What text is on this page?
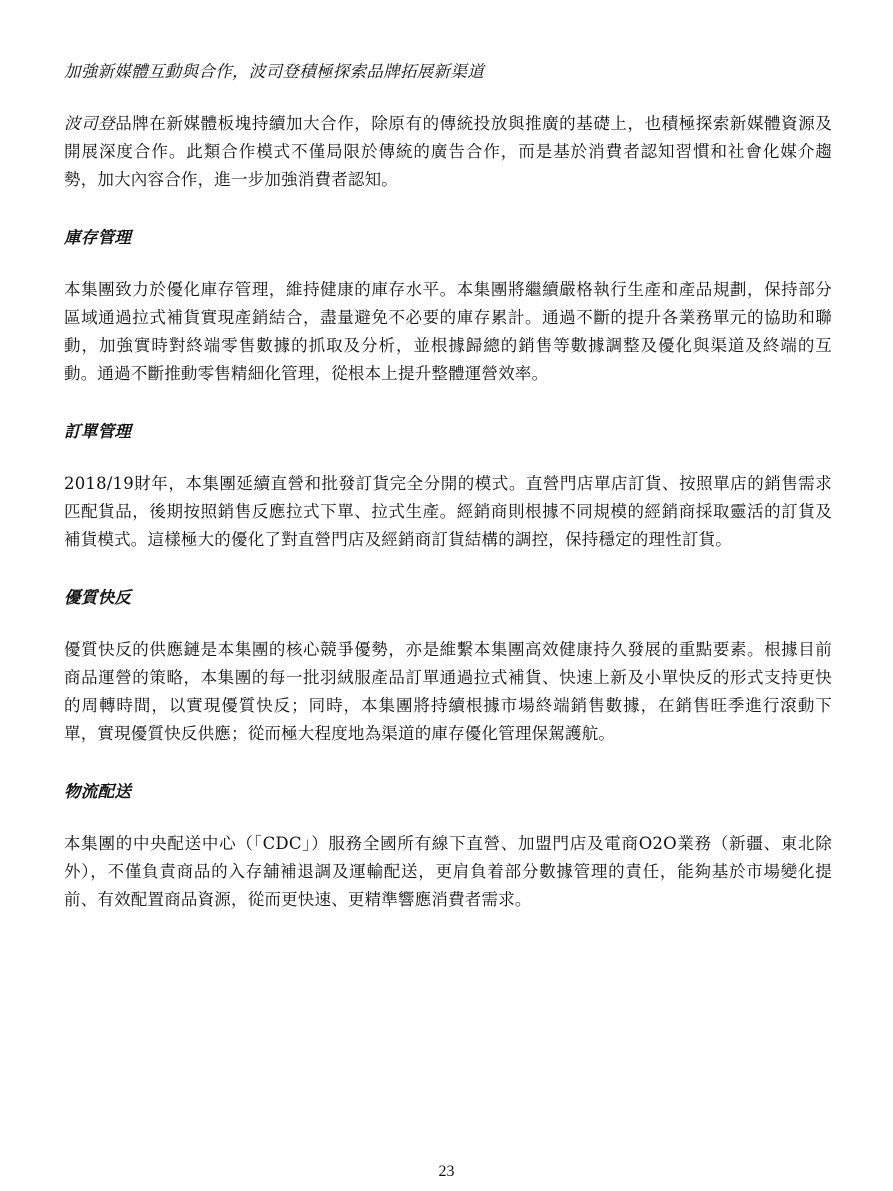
加強新媒體互動與合作，波司登積極探索品牌拓展新渠道

波司登品牌在新媒體板塊持續加大合作，除原有的傳統投放與推廣的基礎上，也積極探索新媒體資源及開展深度合作。此類合作模式不僅局限於傳統的廣告合作，而是基於消費者認知習慣和社會化媒介趨勢，加大內容合作，進一步加強消費者認知。

庫存管理

本集團致力於優化庫存管理，維持健康的庫存水平。本集團將繼續嚴格執行生產和產品規劃，保持部分區域通過拉式補貨實現產銷結合，盡量避免不必要的庫存累計。通過不斷的提升各業務單元的協助和聯動，加強實時對終端零售數據的抓取及分析，並根據歸總的銷售等數據調整及優化與渠道及終端的互動。通過不斷推動零售精細化管理，從根本上提升整體運營效率。

訂單管理

2018/19財年，本集團延續直營和批發訂貨完全分開的模式。直營門店單店訂貨、按照單店的銷售需求匹配貨品，後期按照銷售反應拉式下單、拉式生產。經銷商則根據不同規模的經銷商採取靈活的訂貨及補貨模式。這樣極大的優化了對直營門店及經銷商訂貨結構的調控，保持穩定的理性訂貨。

優質快反

優質快反的供應鏈是本集團的核心競爭優勢，亦是維繫本集團高效健康持久發展的重點要素。根據目前商品運營的策略，本集團的每一批羽絨服產品訂單通過拉式補貨、快速上新及小單快反的形式支持更快的周轉時間，以實現優質快反；同時，本集團將持續根據市場終端銷售數據，在銷售旺季進行滾動下單，實現優質快反供應；從而極大程度地為渠道的庫存優化管理保駕護航。

物流配送

本集團的中央配送中心（「CDC」）服務全國所有線下直營、加盟門店及電商O2O業務（新疆、東北除外），不僅負責商品的入存舖補退調及運輸配送，更肩負着部分數據管理的責任，能夠基於市場變化提前、有效配置商品資源，從而更快速、更精準響應消費者需求。

23
